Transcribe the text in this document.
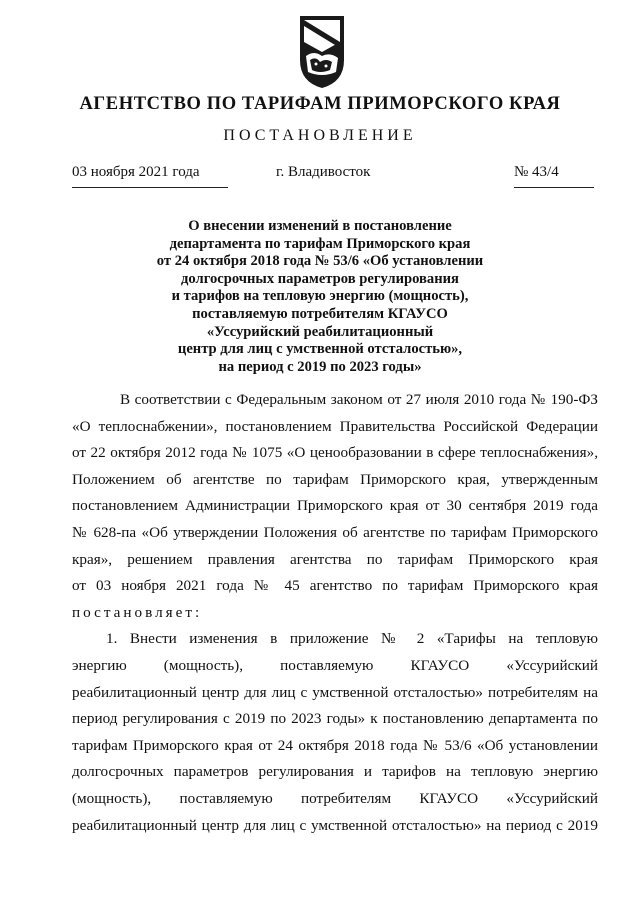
АГЕНТСТВО ПО ТАРИФАМ ПРИМОРСКОГО КРАЯ
ПОСТАНОВЛЕНИЕ
03 ноября 2021 года	г. Владивосток	№ 43/4
О внесении изменений в постановление
департамента по тарифам Приморского края
от 24 октября 2018 года № 53/6 «Об установлении
долгосрочных параметров регулирования
и тарифов на тепловую энергию (мощность),
поставляемую потребителям КГАУСО
«Уссурийский реабилитационный
центр для лиц с умственной отсталостью»,
на период с 2019 по 2023 годы»
В соответствии с Федеральным законом от 27 июля 2010 года № 190-ФЗ
«О теплоснабжении», постановлением Правительства Российской Федерации
от 22 октября 2012 года № 1075 «О ценообразовании в сфере теплоснабжения»,
Положением об агентстве по тарифам Приморского края, утвержденным
постановлением Администрации Приморского края от 30 сентября 2019 года
№ 628-па «Об утверждении Положения об агентстве по тарифам Приморского
края», решением правления агентства по тарифам Приморского края
от 03 ноября 2021 года № 45 агентство по тарифам Приморского края
постановляет:
1. Внести изменения в приложение № 2 «Тарифы на тепловую
энергию (мощность), поставляемую КГАУСО «Уссурийский
реабилитационный центр для лиц с умственной отсталостью» потребителям на
период регулирования с 2019 по 2023 годы» к постановлению департамента по
тарифам Приморского края от 24 октября 2018 года № 53/6 «Об установлении
долгосрочных параметров регулирования и тарифов на тепловую энергию
(мощность), поставляемую потребителям КГАУСО «Уссурийский
реабилитационный центр для лиц с умственной отсталостью» на период с 2019
